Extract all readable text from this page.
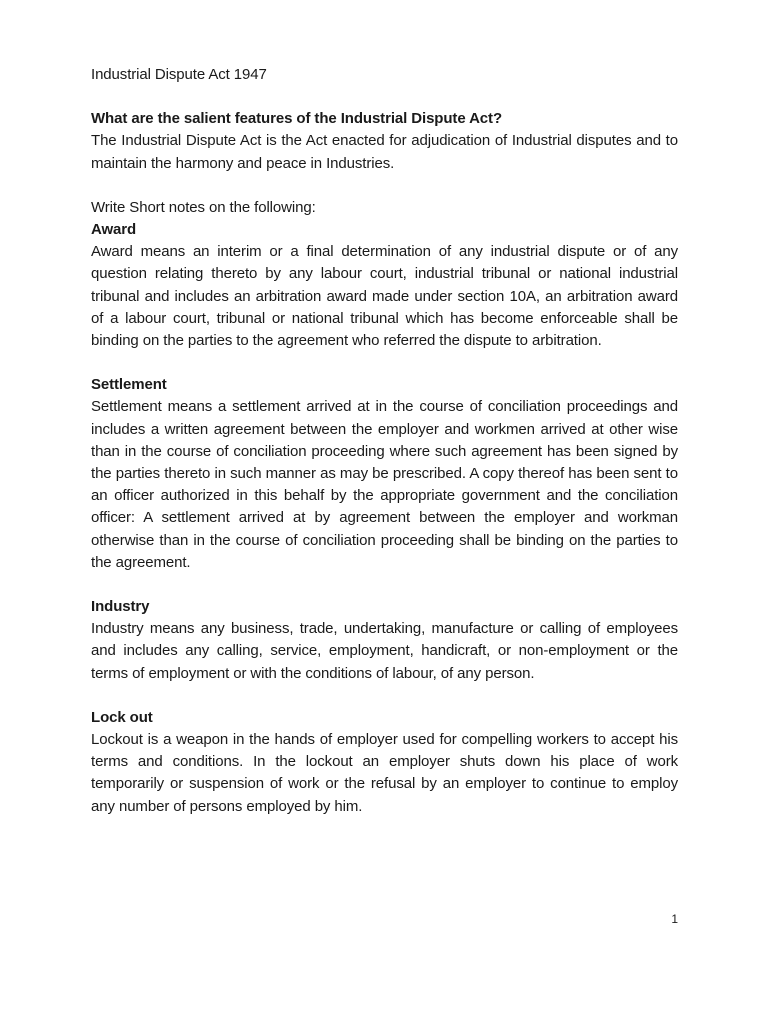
Industrial Dispute Act 1947

What are the salient features of the Industrial Dispute Act?

The Industrial Dispute Act is the Act enacted for adjudication of Industrial disputes and to maintain the harmony and peace in Industries.

Write Short notes on the following:

Award

Award means an interim or a final determination of any industrial dispute or of any question relating thereto by any labour court, industrial tribunal or national industrial tribunal and includes an arbitration award made under section 10A, an arbitration award of a labour court, tribunal or national tribunal which has become enforceable shall be binding on the parties to the agreement who referred the dispute to arbitration.

Settlement

Settlement means a settlement arrived at in the course of conciliation proceedings and includes a written agreement between the employer and workmen arrived at other wise than in the course of conciliation proceeding where such agreement has been signed by the parties thereto in such manner as may be prescribed. A copy thereof has been sent to an officer authorized in this behalf by the appropriate government and the conciliation officer: A settlement arrived at by agreement between the employer and workman otherwise than in the course of conciliation proceeding shall be binding on the parties to the agreement.

Industry

Industry means any business, trade, undertaking, manufacture or calling of employees and includes any calling, service, employment, handicraft, or non-employment or the terms of employment or with the conditions of labour, of any person.

Lock out

Lockout is a weapon in the hands of employer used for compelling workers to accept his terms and conditions. In the lockout an employer shuts down his place of work temporarily or suspension of work or the refusal by an employer to continue to employ any number of persons employed by him.

1
